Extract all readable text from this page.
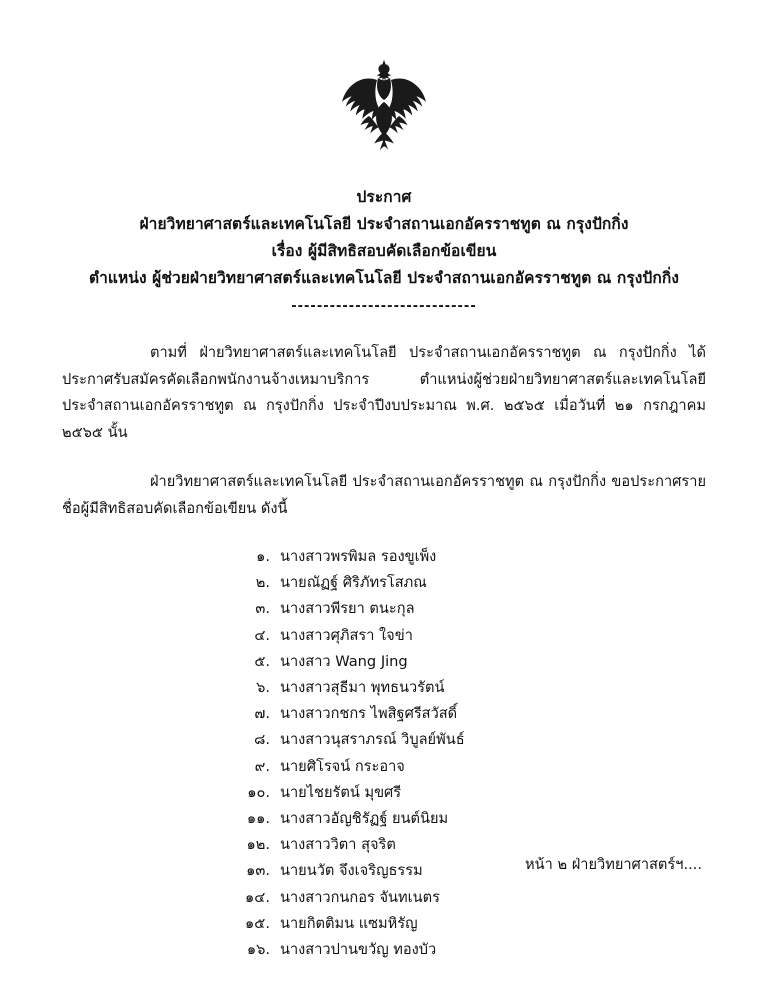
ประกาศ
ฝ่ายวิทยาศาสตร์และเทคโนโลยี ประจำสถานเอกอัครราชทูต ณ กรุงปักกิ่ง
เรื่อง ผู้มีสิทธิสอบคัดเลือกข้อเขียน
ตำแหน่ง ผู้ช่วยฝ่ายวิทยาศาสตร์และเทคโนโลยี ประจำสถานเอกอัครราชทูต ณ กรุงปักกิ่ง
-----------------------------
ตามที่ ฝ่ายวิทยาศาสตร์และเทคโนโลยี ประจำสถานเอกอัครราชทูต ณ กรุงปักกิ่ง ได้ประกาศรับสมัครคัดเลือกพนักงานจ้างเหมาบริการ ตำแหน่งผู้ช่วยฝ่ายวิทยาศาสตร์และเทคโนโลยี ประจำสถานเอกอัครราชทูต ณ กรุงปักกิ่ง ประจำปีงบประมาณ พ.ศ. ๒๕๖๕ เมื่อวันที่ ๒๑ กรกฎาคม ๒๕๖๕ นั้น
ฝ่ายวิทยาศาสตร์และเทคโนโลยี ประจำสถานเอกอัครราชทูต ณ กรุงปักกิ่ง ขอประกาศรายชื่อผู้มีสิทธิสอบคัดเลือกข้อเขียน ดังนี้
๑. นางสาวพรพิมล รองขูเพ็ง
๒. นายณัฏฐ์ ศิริภัทรโสภณ
๓. นางสาวพีรยา ตนะกุล
๔. นางสาวศุภิสรา ใจข่า
๕. นางสาว Wang Jing
๖. นางสาวสุธีมา พุทธนวรัตน์
๗. นางสาวกชกร ไพสิฐศรีสวัสดิ์
๘. นางสาวนุสราภรณ์ วิบูลย์พันธ์
๙. นายศิโรจน์ กระอาจ
๑๐. นายไชยรัตน์ มุขศรี
๑๑. นางสาวอัญชิรัฏฐ์ ยนต์นิยม
๑๒. นางสาววิตา สุจริต
๑๓. นายนวัต จึงเจริญธรรม
๑๔. นางสาวกนกอร จันทเนตร
๑๕. นายกิตติมน แซมหิรัญ
๑๖. นางสาวปานขวัญ ทองบัว
หน้า ๒ ฝ่ายวิทยาศาสตร์ฯ....
